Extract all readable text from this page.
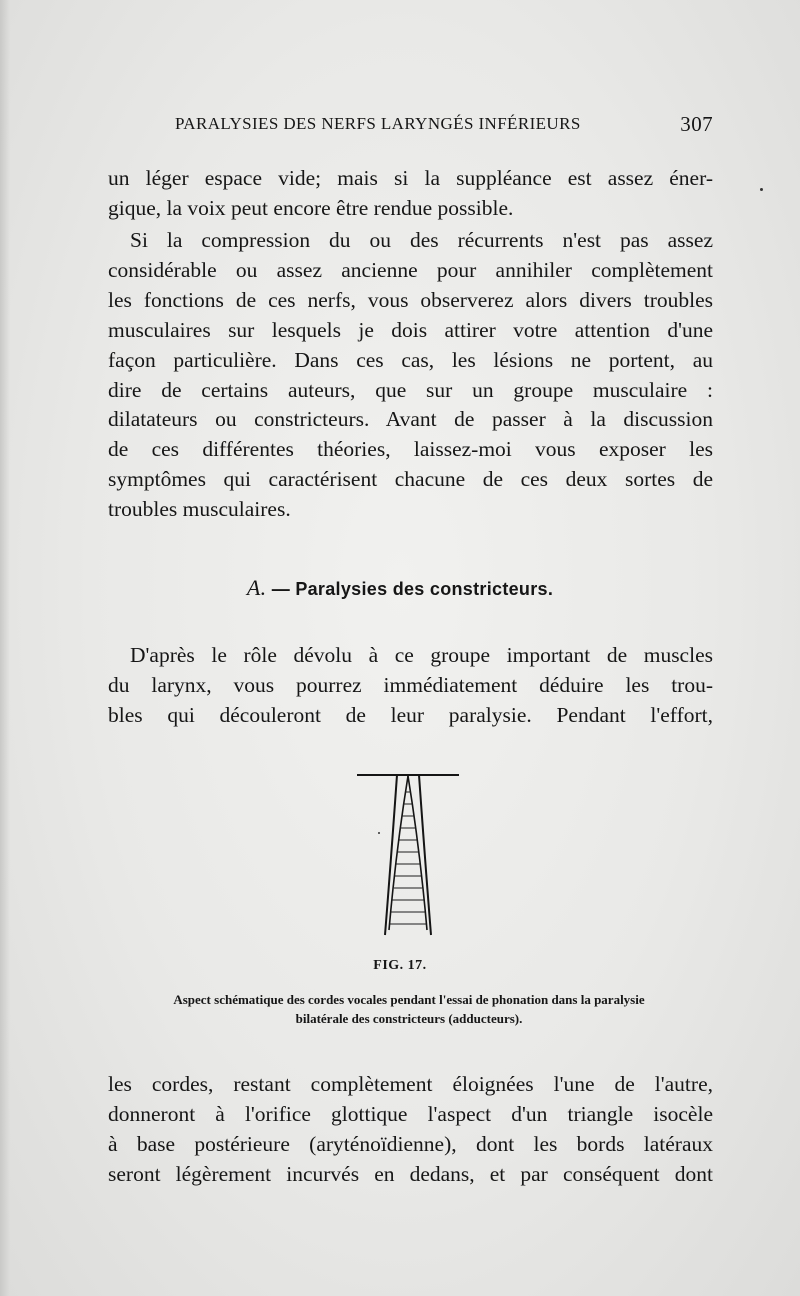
PARALYSIES DES NERFS LARYNGÉS INFÉRIEURS	307
un léger espace vide; mais si la suppléance est assez éner-
gique, la voix peut encore être rendue possible.
Si la compression du ou des récurrents n'est pas assez
considérable ou assez ancienne pour annihiler complètement
les fonctions de ces nerfs, vous observerez alors divers troubles
musculaires sur lesquels je dois attirer votre attention d'une
façon particulière. Dans ces cas, les lésions ne portent, au
dire de certains auteurs, que sur un groupe musculaire :
dilatateurs ou constricteurs. Avant de passer à la discussion
de ces différentes théories, laissez-moi vous exposer les
symptômes qui caractérisent chacune de ces deux sortes de
troubles musculaires.
A. — Paralysies des constricteurs.
D'après le rôle dévolu à ce groupe important de muscles
du larynx, vous pourrez immédiatement déduire les trou-
bles qui découleront de leur paralysie. Pendant l'effort,
FIG. 17.
Aspect schématique des cordes vocales pendant l'essai de phonation dans la paralysie
bilatérale des constricteurs (adducteurs).
les cordes, restant complètement éloignées l'une de l'autre,
donneront à l'orifice glottique l'aspect d'un triangle isocèle
à base postérieure (aryténoïdienne), dont les bords latéraux
seront légèrement incurvés en dedans, et par conséquent dont
